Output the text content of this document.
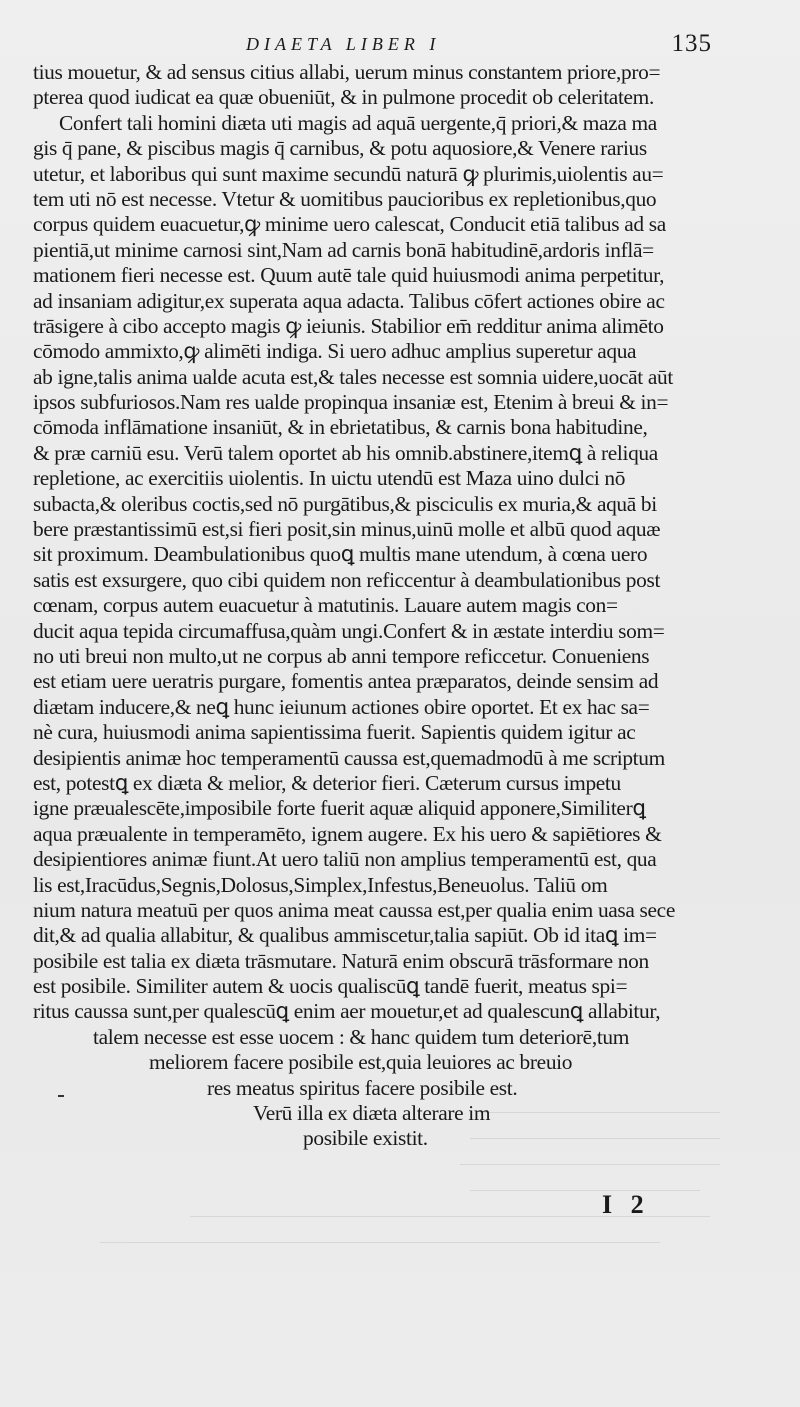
DIAETA LIBER I	135
tius mouetur, & ad sensus citius allabi, uerum minus constantem priore,pro=
pterea quod iudicat ea quæ obueniūt, & in pulmone procedit ob celeritatem.
Confert tali homini diæta uti magis ad aquā uergente,q̄ priori,& maza ma
gis q̄ pane, & piscibus magis q̄ carnibus, & potu aquosiore,& Venere rarius
utetur, et laboribus qui sunt maxime secundū naturā ꝙ plurimis,uiolentis au=
tem uti nō est necesse. Vtetur & uomitibus paucioribus ex repletionibus,quo
corpus quidem euacuetur,ꝙ minime uero calescat, Conducit etiā talibus ad sa
pientiā,ut minime carnosi sint,Nam ad carnis bonā habitudinē,ardoris inflā=
mationem fieri necesse est. Quum autē tale quid huiusmodi anima perpetitur,
ad insaniam adigitur,ex superata aqua adacta. Talibus cōfert actiones obire ac
trāsigere à cibo accepto magis ꝙ ieiunis. Stabilior em̄ redditur anima alimēto
cōmodo ammixto,ꝙ alimēti indiga. Si uero adhuc amplius superetur aqua
ab igne,talis anima ualde acuta est,& tales necesse est somnia uidere,uocāt aūt
ipsos subfuriosos.Nam res ualde propinqua insaniæ est, Etenim à breui & in=
cōmoda inflāmatione insaniūt, & in ebrietatibus, & carnis bona habitudine,
& præ carniū esu. Verū talem oportet ab his omnib.abstinere,itemꝗ à reliqua
repletione, ac exercitiis uiolentis. In uictu utendū est Maza uino dulci nō
subacta,& oleribus coctis,sed nō purgātibus,& pisciculis ex muria,& aquā bi
bere præstantissimū est,si fieri posit,sin minus,uinū molle et albū quod aquæ
sit proximum. Deambulationibus quoꝗ multis mane utendum, à cœna uero
satis est exsurgere, quo cibi quidem non reficcentur à deambulationibus post
cœnam, corpus autem euacuetur à matutinis. Lauare autem magis con=
ducit aqua tepida circumaffusa,quàm ungi.Confert & in æstate interdiu som=
no uti breui non multo,ut ne corpus ab anni tempore reficcetur. Conueniens
est etiam uere ueratris purgare, fomentis antea præparatos, deinde sensim ad
diætam inducere,& neꝗ hunc ieiunum actiones obire oportet. Et ex hac sa=
nè cura, huiusmodi anima sapientissima fuerit. Sapientis quidem igitur ac
desipientis animæ hoc temperamentū caussa est,quemadmodū à me scriptum
est, potestꝗ ex diæta & melior, & deterior fieri. Cæterum cursus impetu
igne præualescēte,imposibile forte fuerit aquæ aliquid apponere,Similiterꝗ
aqua præualente in temperamēto, ignem augere. Ex his uero & sapiētiores &
desipientiores animæ fiunt.At uero taliū non amplius temperamentū est, qua
lis est,Iracūdus,Segnis,Dolosus,Simplex,Infestus,Beneuolus. Taliū om
nium natura meatuū per quos anima meat caussa est,per qualia enim uasa sece
dit,& ad qualia allabitur, & qualibus ammiscetur,talia sapiūt. Ob id itaꝗ im=
posibile est talia ex diæta trāsmutare. Naturā enim obscurā trāsformare non
est posibile. Similiter autem & uocis qualiscūꝗ tandē fuerit, meatus spi=
ritus caussa sunt,per qualescūꝗ enim aer mouetur,et ad qualescunꝗ allabitur,
talem necesse est esse uocem : & hanc quidem tum deteriorē,tum
meliorem facere posibile est,quia leuiores ac breuio
res meatus spiritus facere posibile est.
Verū illa ex diæta alterare im
posibile existit.
I 2
